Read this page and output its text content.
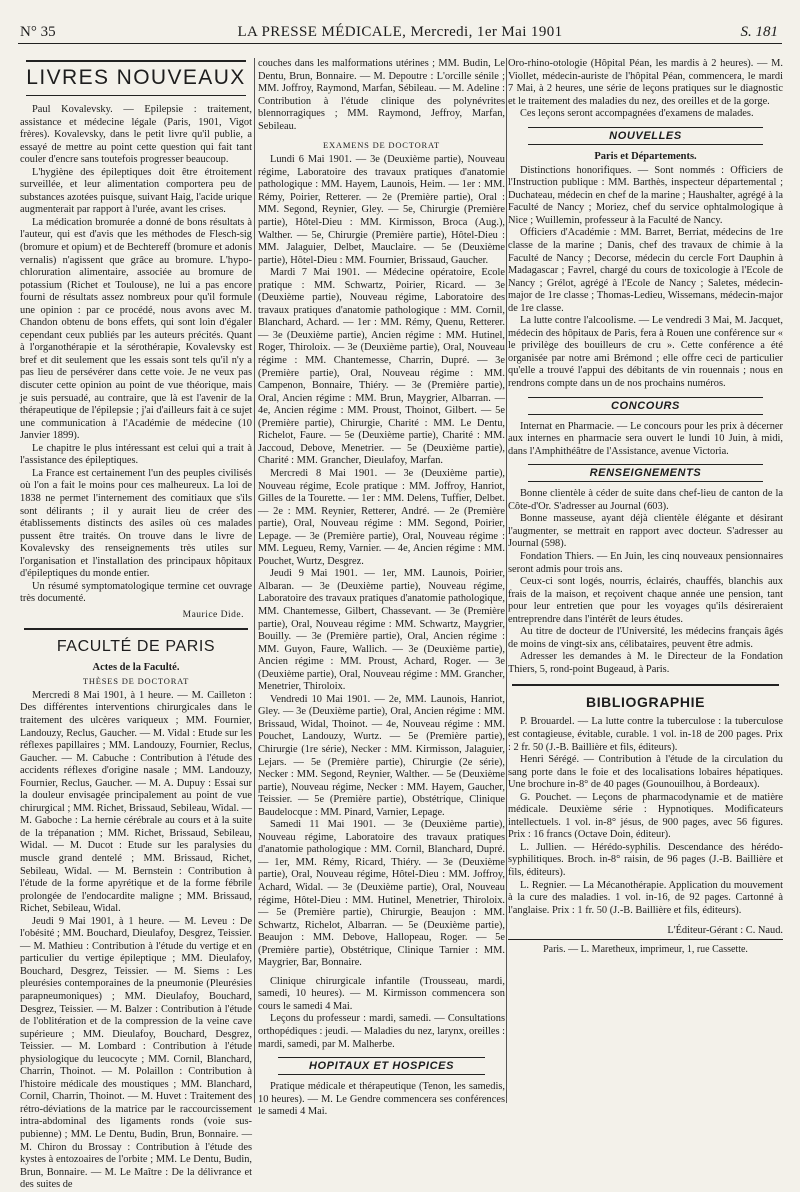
N° 35	LA PRESSE MÉDICALE, Mercredi, 1er Mai 1901	S. 181
LIVRES NOUVEAUX

Paul Kovalevsky. — Epilepsie : traitement, assistance et médecine légale (Paris, 1901, Vigot frères). Kovalevsky, dans le petit livre qu'il publie, a essayé de mettre au point cette question qui fait tant couler d'encre sans toutefois progresser beaucoup.

L'hygiène des épileptiques doit être étroitement surveillée, et leur alimentation comportera peu de substances azotées puisque, suivant Haig, l'acide urique augmenterait par rapport à l'urée, avant les crises.

La médication bromurée a donné de bons résultats à l'auteur, qui est d'avis que les méthodes de Flesch-sig (bromure et opium) et de Bechtereff (bromure et adonis vernalis) n'agissent que grâce au bromure. L'hypo-chloruration alimentaire, associée au bromure de potassium (Richet et Toulouse), ne lui a pas encore fourni de résultats assez nombreux pour qu'il formule une opinion : par ce procédé, nous avons avec M. Chandon obtenu de bons effets, qui sont loin d'égaler cependant ceux publiés par les auteurs précités. Quant à l'organothérapie et la sérothérapie, Kovalevsky est bref et dit seulement que les essais sont tels qu'il n'y a pas lieu de persévérer dans cette voie. Je ne veux pas discuter cette opinion au point de vue théorique, mais je suis persuadé, au contraire, que là est l'avenir de la thérapeutique de l'épilepsie ; j'ai d'ailleurs fait à ce sujet une communication à l'Académie de médecine (10 Janvier 1899).

Le chapitre le plus intéressant est celui qui a trait à l'assistance des épileptiques.

La France est certainement l'un des peuples civilisés où l'on a fait le moins pour ces malheureux. La loi de 1838 ne permet l'internement des comitiaux que s'ils sont délirants ; il y aurait lieu de créer des établissements distincts des asiles où ces malades pussent être traités. On trouve dans le livre de Kovalevsky des renseignements très utiles sur l'organisation et l'installation des principaux hôpitaux d'épileptiques du monde entier.

Un résumé symptomatologique termine cet ouvrage très documenté.

Maurice Dide.
FACULTÉ DE PARIS
Actes de la Faculté.
THÈSES DE DOCTORAT

Mercredi 8 Mai 1901, à 1 heure. — M. Cailleton : Des différentes interventions chirurgicales dans le traitement des ulcères variqueux ; MM. Fournier, Landouzy, Reclus, Gaucher. — M. Vidal : Etude sur les réflexes papillaires ; MM. Landouzy, Fournier, Reclus, Gaucher. — M. Cabuche : Contribution à l'étude des accidents réflexes d'origine nasale ; MM. Landouzy, Fournier, Reclus, Gaucher. — M. A. Dupuy : Essai sur la douleur envisagée principalement au point de vue chirurgical ; MM. Richet, Brissaud, Sebileau, Widal. — M. Gaboche : La hernie cérébrale au cours et à la suite de la trépanation ; MM. Richet, Brissaud, Sebileau, Widal. — M. Ducot : Etude sur les paralysies du muscle grand dentelé ; MM. Brissaud, Richet, Sebileau, Widal. — M. Bernstein : Contribution à l'étude de la forme apyrétique et de la forme fébrile prolongée de l'endocardite maligne ; MM. Brissaud, Richet, Sebileau, Widal.

Jeudi 9 Mai 1901, à 1 heure. — M. Leveu : De l'obésité ; MM. Bouchard, Dieulafoy, Desgrez, Teissier. — M. Mathieu : Contribution à l'étude du vertige et en particulier du vertige épileptique ; MM. Dieulafoy, Bouchard, Desgrez, Teissier. — M. Siems : Les pleurésies contemporaines de la pneumonie (Pleurésies parapneumoniques) ; MM. Dieulafoy, Bouchard, Desgrez, Teissier. — M. Balzer : Contribution à l'étude de l'oblitération et de la compression de la veine cave supérieure ; MM. Dieulafoy, Bouchard, Desgrez, Teissier. — M. Lombard : Contribution à l'étude physiologique du leucocyte ; MM. Cornil, Blanchard, Charrin, Thoinot. — M. Polaillon : Contribution à l'histoire médicale des moustiques ; MM. Blanchard, Cornil, Charrin, Thoinot. — M. Huvet : Traitement des rétro-déviations de la matrice par le raccourcissement intra-abdominal des ligaments ronds (voie sus-pubienne) ; MM. Le Dentu, Budin, Brun, Bonnaire. — M. Chiron du Brossay : Contribution à l'étude des kystes à entozoaires de l'orbite ; MM. Le Dentu, Budin, Brun, Bonnaire. — M. Le Maître : De la délivrance et des suites de

couches dans les malformations utérines ; MM. Budin, Le Dentu, Brun, Bonnaire. — M. Depoutre : L'orcille sénile ; MM. Joffroy, Raymond, Marfan, Sébileau. — M. Adeline : Contribution à l'étude clinique des polynévrites blennorragiques ; MM. Raymond, Jeffroy, Marfan, Sebileau.

EXAMENS DE DOCTORAT

Lundi 6 Mai 1901. — 3e (Deuxième partie), Nouveau régime, Laboratoire des travaux pratiques d'anatomie pathologique : MM. Hayem, Launois, Heim. — 1er : MM. Rémy, Poirier, Retterer. — 2e (Première partie), Oral : MM. Segond, Reynier, Gley. — 5e, Chirurgie (Première partie), Hôtel-Dieu : MM. Kirmisson, Broca (Aug.), Walther. — 5e, Chirurgie (Première partie), Hôtel-Dieu : MM. Jalaguier, Delbet, Mauclaire. — 5e (Deuxième partie), Hôtel-Dieu : MM. Fournier, Brissaud, Gaucher.

Mardi 7 Mai 1901. — Médecine opératoire, Ecole pratique : MM. Schwartz, Poirier, Ricard. — 3e (Deuxième partie), Nouveau régime, Laboratoire des travaux pratiques d'anatomie pathologique : MM. Cornil, Blanchard, Achard. — 1er : MM. Rémy, Quenu, Retterer. — 3e (Deuxième partie), Ancien régime : MM. Hutinel, Roger, Thiroloix. — 3e (Deuxième partie), Oral, Nouveau régime : MM. Chantemesse, Charrin, Dupré. — 3e (Première partie), Oral, Nouveau régime : MM. Campenon, Bonnaire, Thiéry. — 3e (Première partie), Oral, Ancien régime : MM. Brun, Maygrier, Albarran. — 4e, Ancien régime : MM. Proust, Thoinot, Gilbert. — 5e (Première partie), Chirurgie, Charité : MM. Le Dentu, Richelot, Faure. — 5e (Deuxième partie), Charité : MM. Jaccoud, Debove, Menetrier. — 5e (Deuxième partie), Charité : MM. Grancher, Dieulafoy, Marfan.

Mercredi 8 Mai 1901. — 3e (Deuxième partie), Nouveau régime, Ecole pratique : MM. Joffroy, Hanriot, Gilles de la Tourette. — 1er : MM. Delens, Tuffier, Delbet. — 2e : MM. Reynier, Retterer, André. — 2e (Première partie), Oral, Nouveau régime : MM. Segond, Poirier, Lepage. — 3e (Première partie), Oral, Nouveau régime : MM. Legueu, Remy, Varnier. — 4e, Ancien régime : MM. Pouchet, Wurtz, Desgrez.

Jeudi 9 Mai 1901. — 1er, MM. Launois, Poirier, Albaran. — 3e (Deuxième partie), Nouveau régime, Laboratoire des travaux pratiques d'anatomie pathologique, MM. Chantemesse, Gilbert, Chassevant. — 3e (Première partie), Oral, Nouveau régime : MM. Schwartz, Maygrier, Bouilly. — 3e (Première partie), Oral, Ancien régime : MM. Guyon, Faure, Wallich. — 3e (Deuxième partie), Ancien régime : MM. Proust, Achard, Roger. — 3e (Deuxième partie), Oral, Nouveau régime : MM. Grancher, Menetrier, Thiroloix.

Vendredi 10 Mai 1901. — 2e, MM. Launois, Hanriot, Gley. — 3e (Deuxième partie), Oral, Ancien régime : MM. Brissaud, Widal, Thoinot. — 4e, Nouveau régime : MM. Pouchet, Landouzy, Wurtz. — 5e (Première partie), Chirurgie (1re série), Necker : MM. Kirmisson, Jalaguier, Lejars. — 5e (Première partie), Chirurgie (2e série), Necker : MM. Segond, Reynier, Walther. — 5e (Deuxième partie), Nouveau régime, Necker : MM. Hayem, Gaucher, Teissier. — 5e (Première partie), Obstétrique, Clinique Baudelocque : MM. Pinard, Varnier, Lepage.

Samedi 11 Mai 1901. — 3e (Deuxième partie), Nouveau régime, Laboratoire des travaux pratiques d'anatomie pathologique : MM. Cornil, Blanchard, Dupré. — 1er, MM. Rémy, Ricard, Thiéry. — 3e (Deuxième partie), Oral, Nouveau régime, Hôtel-Dieu : MM. Joffroy, Achard, Widal. — 3e (Deuxième partie), Oral, Nouveau régime, Hôtel-Dieu : MM. Hutinel, Menetrier, Thiroloix. — 5e (Première partie), Chirurgie, Beaujon : MM. Schwartz, Richelot, Albarran. — 5e (Deuxième partie), Beaujon : MM. Debove, Hallopeau, Roger. — 5e (Première partie), Obstétrique, Clinique Tarnier : MM. Maygrier, Bar, Bonnaire.

Clinique chirurgicale infantile (Trousseau, mardi, samedi, 10 heures). — M. Kirmisson commencera son cours le samedi 4 Mai.

Leçons du professeur : mardi, samedi. — Consultations orthopédiques : jeudi. — Maladies du nez, larynx, oreilles : mardi, samedi, par M. Malherbe.

HOPITAUX ET HOSPICES

Pratique médicale et thérapeutique (Tenon, les samedis, 10 heures). — M. Le Gendre commencera ses conférences le samedi 4 Mai.

Oro-rhino-otologie (Hôpital Péan, les mardis à 2 heures). — M. Viollet, médecin-auriste de l'hôpital Péan, commencera, le mardi 7 Mai, à 2 heures, une série de leçons pratiques sur le diagnostic et le traitement des maladies du nez, des oreilles et de la gorge.

Ces leçons seront accompagnées d'examens de malades.

NOUVELLES
Paris et Départements.

Distinctions honorifiques. — Sont nommés : Officiers de l'Instruction publique : MM. Barthès, inspecteur départemental ; Duchateau, médecin en chef de la marine ; Haushalter, agrégé à la Faculté de Nancy ; Moriez, chef du service ophtalmologique à Nice ; Wuillemin, professeur à la Faculté de Nancy.

Officiers d'Académie : MM. Barret, Berriat, médecins de 1re classe de la marine ; Danis, chef des travaux de chimie à la Faculté de Nancy ; Decorse, médecin du cercle Fort Dauphin à Madagascar ; Favrel, chargé du cours de toxicologie à l'Ecole de Nancy ; Grélot, agrégé à l'Ecole de Nancy ; Saletes, médecin-major de 1re classe ; Thomas-Ledieu, Wissemans, médecin-major de 1re classe.

La lutte contre l'alcoolisme. — Le vendredi 3 Mai, M. Jacquet, médecin des hôpitaux de Paris, fera à Rouen une conférence sur « le privilège des bouilleurs de cru ». Cette conférence a été organisée par notre ami Brémond ; elle offre ceci de particulier qu'elle a trouvé l'appui des débitants de vin rouennais ; nous en rendrons compte dans un de nos prochains numéros.

CONCOURS

Internat en Pharmacie. — Le concours pour les prix à décerner aux internes en pharmacie sera ouvert le lundi 10 Juin, à midi, dans l'Amphithéâtre de l'Assistance, avenue Victoria.

RENSEIGNEMENTS

Bonne clientèle à céder de suite dans chef-lieu de canton de la Côte-d'Or. S'adresser au Journal (603).

Bonne masseuse, ayant déjà clientèle élégante et désirant l'augmenter, se mettrait en rapport avec docteur. S'adresser au Journal (598).

Fondation Thiers. — En Juin, les cinq nouveaux pensionnaires seront admis pour trois ans.

Ceux-ci sont logés, nourris, éclairés, chauffés, blanchis aux frais de la maison, et reçoivent chaque année une pension, tant pour leur entretien que pour les voyages qu'ils désireraient entreprendre dans l'intérêt de leurs études.

Au titre de docteur de l'Université, les médecins français âgés de moins de vingt-six ans, célibataires, peuvent être admis.

Adresser les demandes à M. le Directeur de la Fondation Thiers, 5, rond-point Bugeaud, à Paris.

BIBLIOGRAPHIE

P. Brouardel. — La lutte contre la tuberculose : la tuberculose est contagieuse, évitable, curable. 1 vol. in-18 de 200 pages. Prix : 2 fr. 50 (J.-B. Baillière et fils, éditeurs).

Henri Sérégé. — Contribution à l'étude de la circulation du sang porte dans le foie et des localisations lobaires hépatiques. Une brochure in-8° de 40 pages (Gounouilhou, à Bordeaux).

G. Pouchet. — Leçons de pharmacodynamie et de matière médicale. Deuxième série : Hypnotiques. Modificateurs intellectuels. 1 vol. in-8° jésus, de 900 pages, avec 56 figures. Prix : 16 francs (Octave Doin, éditeur).

L. Jullien. — Hérédo-syphilis. Descendance des hérédo-syphilitiques. Broch. in-8° raisin, de 96 pages (J.-B. Baillière et fils, éditeurs).

L. Regnier. — La Mécanothérapie. Application du mouvement à la cure des maladies. 1 vol. in-16, de 92 pages. Cartonné à l'anglaise. Prix : 1 fr. 50 (J.-B. Baillière et fils, éditeurs).

L'Éditeur-Gérant : C. Naud.
Paris. — L. Maretheux, imprimeur, 1, rue Cassette.
